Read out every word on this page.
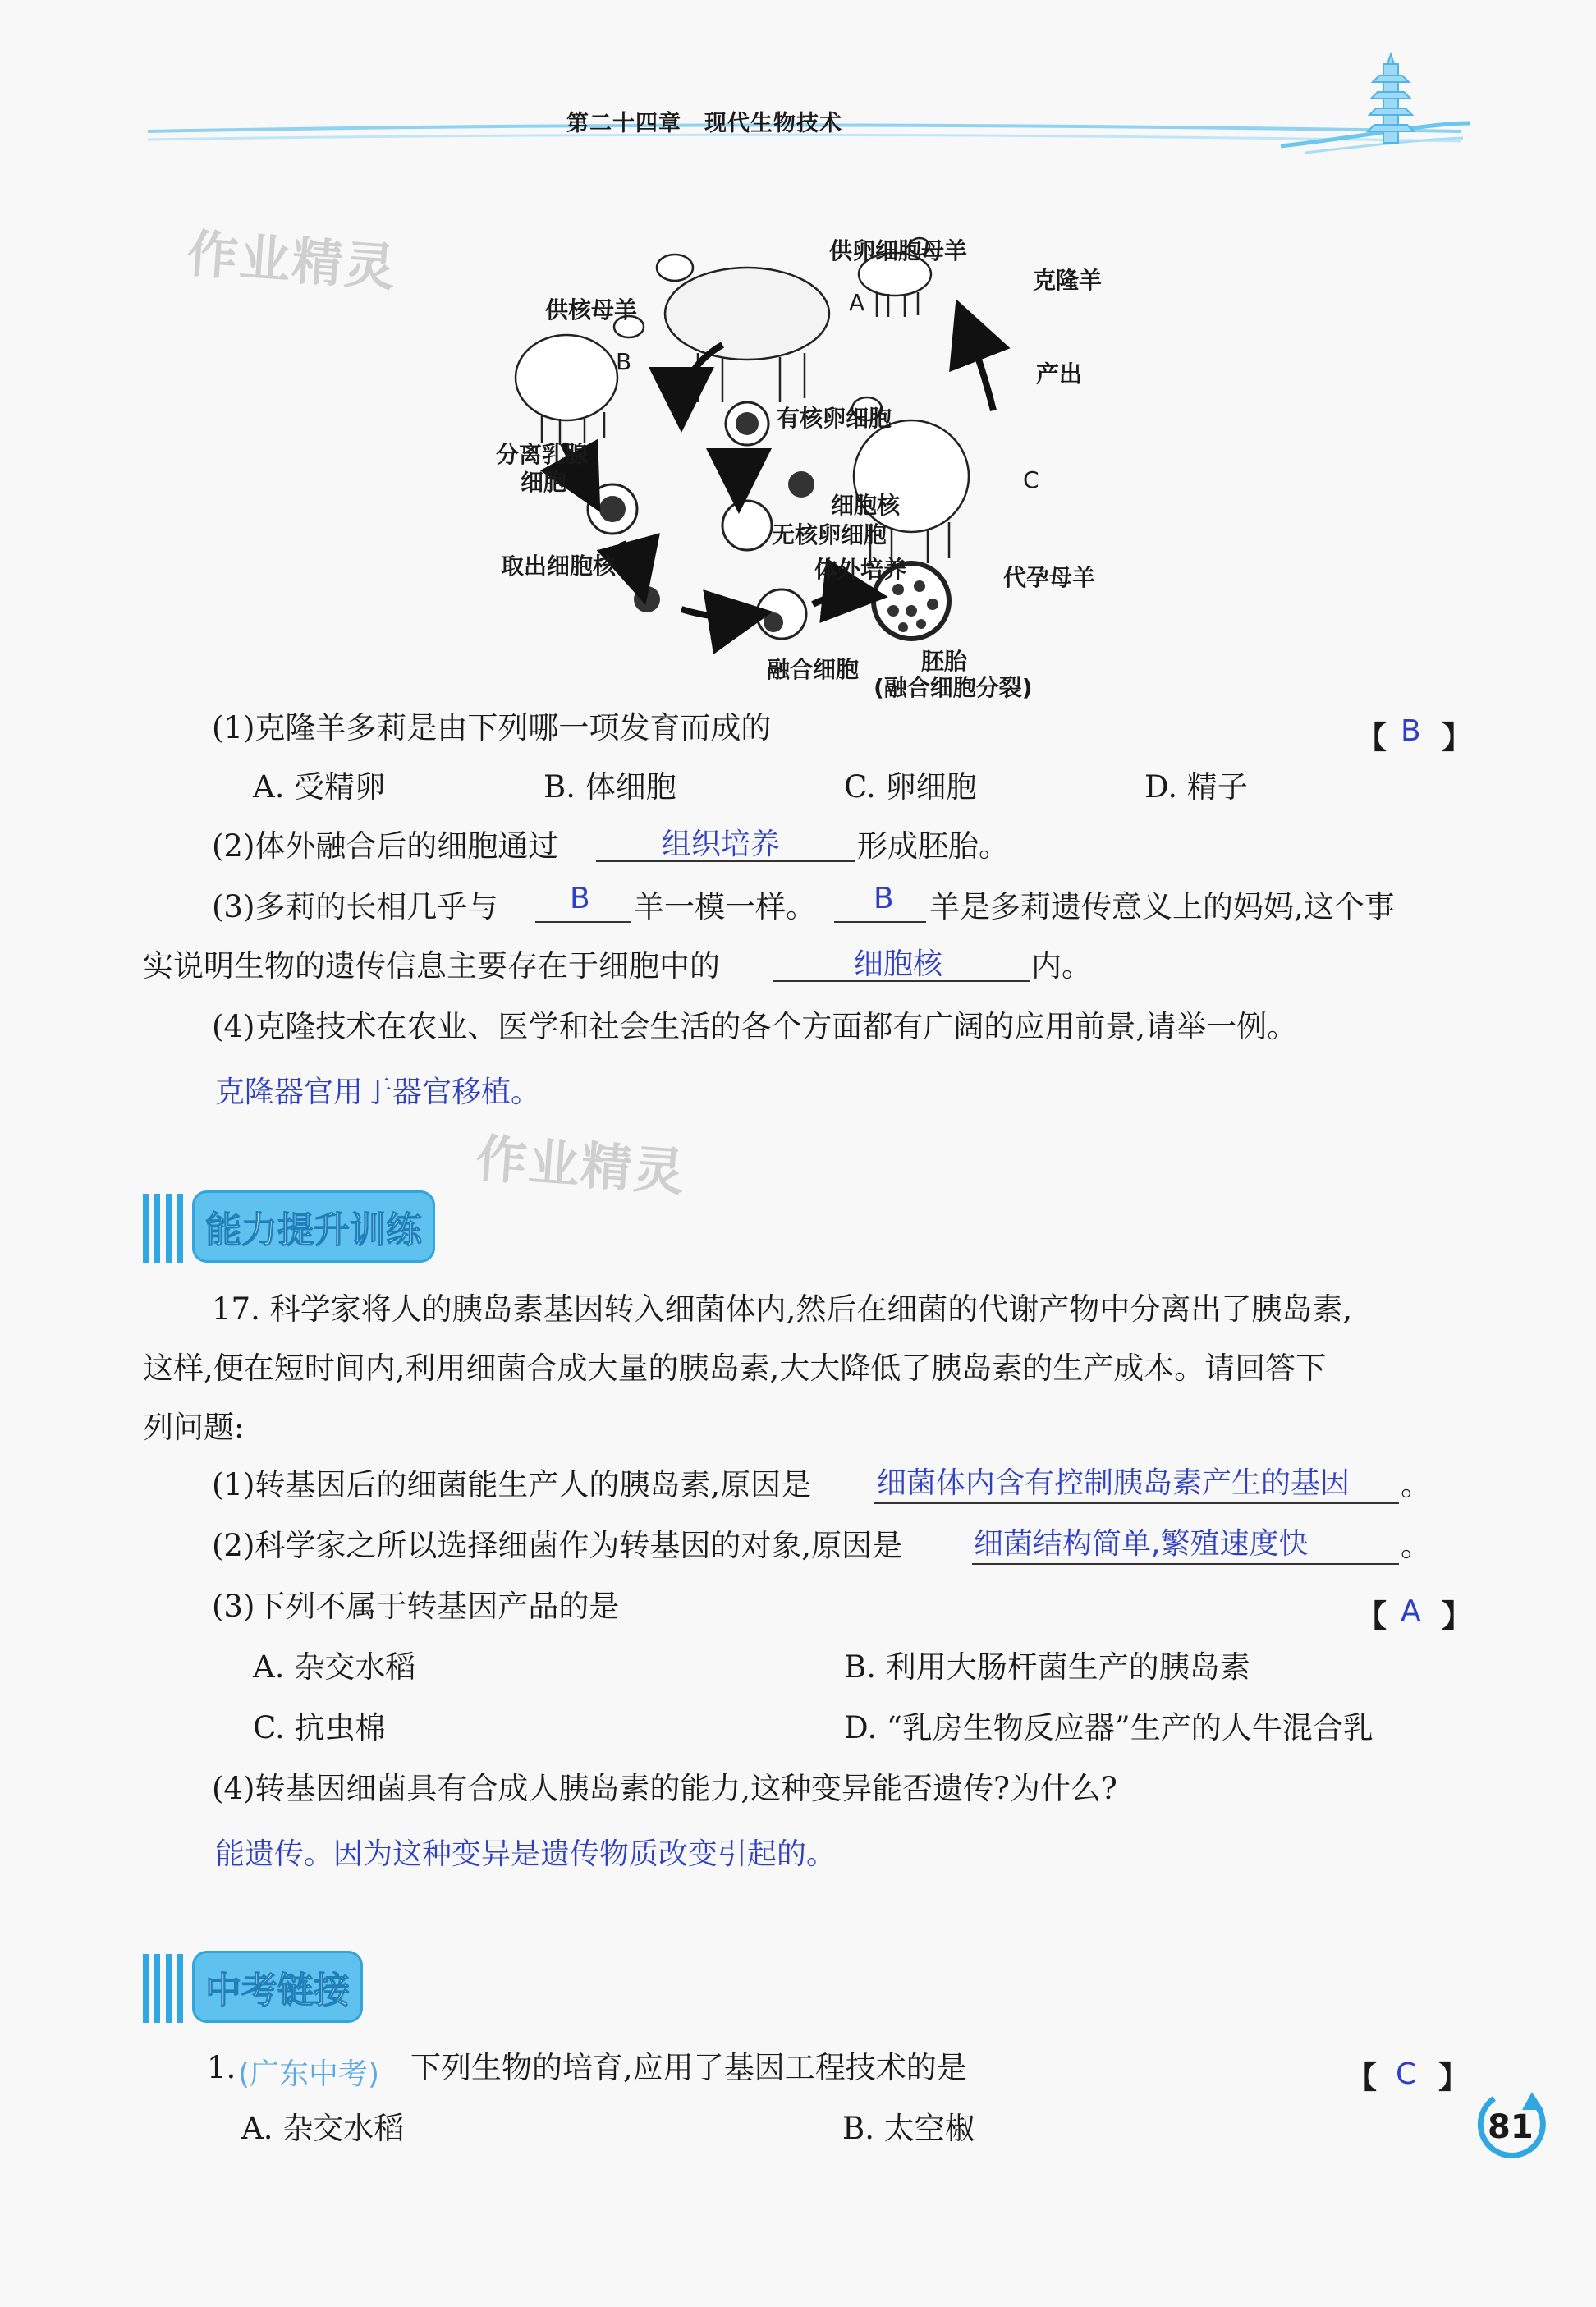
第二十四章　现代生物技术
作业精灵
作业精灵
供卵细胞母羊
克隆羊
供核母羊
产出
有核卵细胞
分离乳腺
细胞
细胞核
无核卵细胞
取出细胞核	体外培养	代孕母羊
融合细胞	胚胎
(融合细胞分裂)
A
B
C
(1)克隆羊多莉是由下列哪一项发育而成的	【 B 】
A. 受精卵	B. 体细胞	C. 卵细胞	D. 精子
(2)体外融合后的细胞通过	组织培养	形成胚胎。
(3)多莉的长相几乎与 B 羊一模一样。 B 羊是多莉遗传意义上的妈妈,这个事
实说明生物的遗传信息主要存在于细胞中的	细胞核	内。
(4)克隆技术在农业、医学和社会生活的各个方面都有广阔的应用前景,请举一例。
克隆器官用于器官移植。
能力提升训练
17. 科学家将人的胰岛素基因转入细菌体内,然后在细菌的代谢产物中分离出了胰岛素,
这样,便在短时间内,利用细菌合成大量的胰岛素,大大降低了胰岛素的生产成本。请回答下
列问题:
(1)转基因后的细菌能生产人的胰岛素,原因是 细菌体内含有控制胰岛素产生的基因 。
(2)科学家之所以选择细菌作为转基因的对象,原因是 细菌结构简单,繁殖速度快	。
(3)下列不属于转基因产品的是	【 A 】
A. 杂交水稻	B. 利用大肠杆菌生产的胰岛素
C. 抗虫棉	D. “乳房生物反应器”生产的人牛混合乳
(4)转基因细菌具有合成人胰岛素的能力,这种变异能否遗传?为什么?
能遗传。因为这种变异是遗传物质改变引起的。
中考链接
1. (广东中考) 下列生物的培育,应用了基因工程技术的是	【 C 】
A. 杂交水稻	B. 太空椒	81
